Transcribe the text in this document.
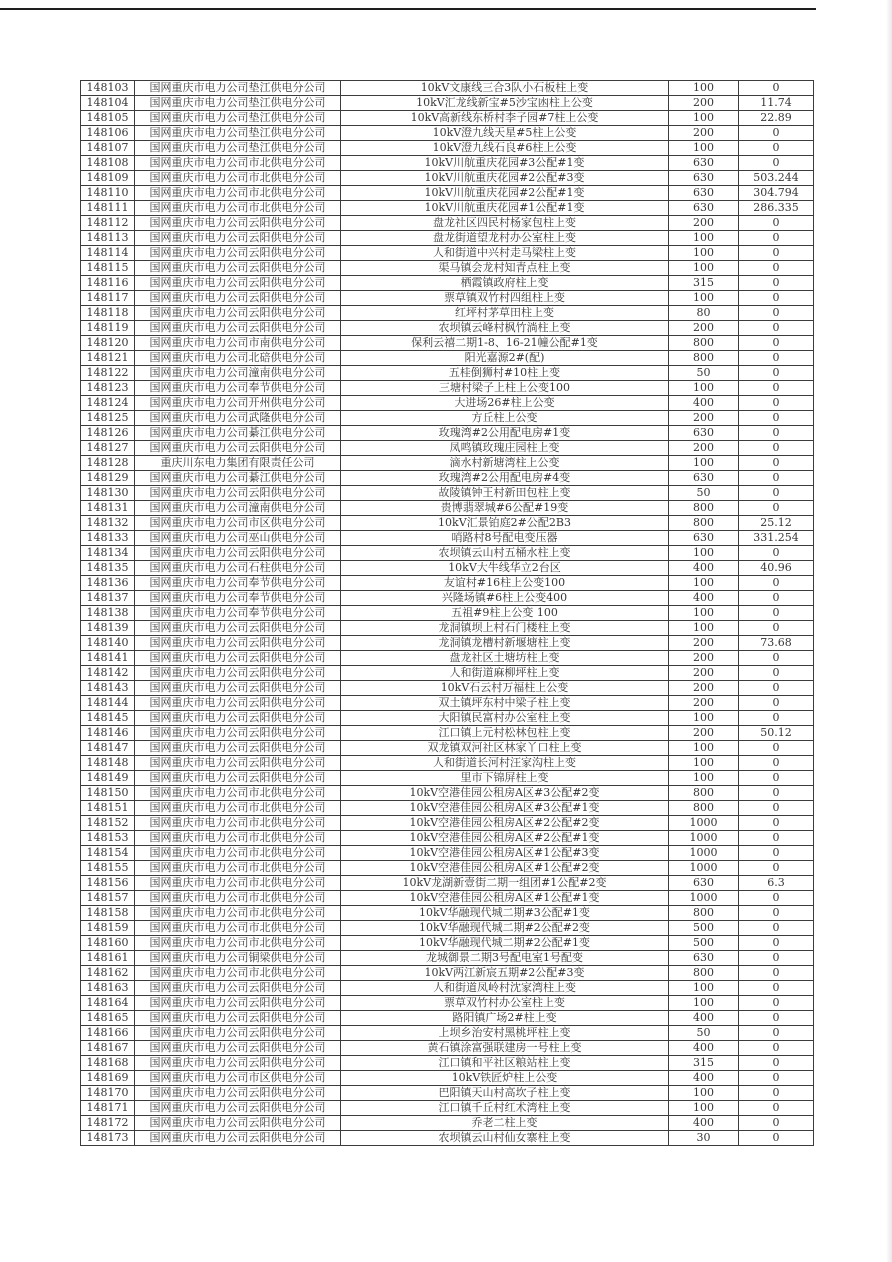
148103	国网重庆市电力公司垫江供电分公司	10kV文康线三合3队小石板柱上变	100	0
148104	国网重庆市电力公司垫江供电分公司	10kV汇龙线新宝#5沙宝凼柱上公变	200	11.74
148105	国网重庆市电力公司垫江供电分公司	10kV高新线东桥村李子园#7柱上公变	100	22.89
148106	国网重庆市电力公司垫江供电分公司	10kV澄九线天星#5柱上公变	200	0
148107	国网重庆市电力公司垫江供电分公司	10kV澄九线石良#6柱上公变	100	0
148108	国网重庆市电力公司市北供电分公司	10kV川航重庆花园#3公配#1变	630	0
148109	国网重庆市电力公司市北供电分公司	10kV川航重庆花园#2公配#3变	630	503.244
148110	国网重庆市电力公司市北供电分公司	10kV川航重庆花园#2公配#1变	630	304.794
148111	国网重庆市电力公司市北供电分公司	10kV川航重庆花园#1公配#1变	630	286.335
148112	国网重庆市电力公司云阳供电分公司	盘龙社区四民村杨家包柱上变	200	0
148113	国网重庆市电力公司云阳供电分公司	盘龙街道望龙村办公室柱上变	100	0
148114	国网重庆市电力公司云阳供电分公司	人和街道中兴村走马梁柱上变	100	0
148115	国网重庆市电力公司云阳供电分公司	渠马镇会龙村知青点柱上变	100	0
148116	国网重庆市电力公司云阳供电分公司	栖霞镇政府柱上变	315	0
148117	国网重庆市电力公司云阳供电分公司	票草镇双竹村四组柱上变	100	0
148118	国网重庆市电力公司云阳供电分公司	红坪村茅草田柱上变	80	0
148119	国网重庆市电力公司云阳供电分公司	农坝镇云峰村枫竹淌柱上变	200	0
148120	国网重庆市电力公司市南供电分公司	保利云禧二期1-8、16-21幢公配#1变	800	0
148121	国网重庆市电力公司北碚供电分公司	阳光嘉源2#(配)	800	0
148122	国网重庆市电力公司潼南供电分公司	五桂倒狮村#10柱上变	50	0
148123	国网重庆市电力公司奉节供电分公司	三塘村梁子上柱上公变100	100	0
148124	国网重庆市电力公司开州供电分公司	大进场26#柱上公变	400	0
148125	国网重庆市电力公司武隆供电分公司	方丘柱上公变	200	0
148126	国网重庆市电力公司綦江供电分公司	玫瑰湾#2公用配电房#1变	630	0
148127	国网重庆市电力公司云阳供电分公司	凤鸣镇玫瑰庄园柱上变	200	0
148128	重庆川东电力集团有限责任公司	滴水村新塘湾柱上公变	100	0
148129	国网重庆市电力公司綦江供电分公司	玫瑰湾#2公用配电房#4变	630	0
148130	国网重庆市电力公司云阳供电分公司	故陵镇钟王村新田包柱上变	50	0
148131	国网重庆市电力公司潼南供电分公司	贵博翡翠城#6公配#19变	800	0
148132	国网重庆市电力公司市区供电分公司	10kV汇景铂庭2#公配2B3	800	25.12
148133	国网重庆市电力公司巫山供电分公司	哨路村8号配电变压器	630	331.254
148134	国网重庆市电力公司云阳供电分公司	农坝镇云山村五桶水柱上变	100	0
148135	国网重庆市电力公司石柱供电分公司	10kV大牛线华立2台区	400	40.96
148136	国网重庆市电力公司奉节供电分公司	友谊村#16柱上公变100	100	0
148137	国网重庆市电力公司奉节供电分公司	兴隆场镇#6柱上公变400	400	0
148138	国网重庆市电力公司奉节供电分公司	五祖#9柱上公变 100	100	0
148139	国网重庆市电力公司云阳供电分公司	龙洞镇坝上村石门楼柱上变	100	0
148140	国网重庆市电力公司云阳供电分公司	龙洞镇龙槽村新堰塘柱上变	200	73.68
148141	国网重庆市电力公司云阳供电分公司	盘龙社区土塘坊柱上变	200	0
148142	国网重庆市电力公司云阳供电分公司	人和街道麻柳坪柱上变	200	0
148143	国网重庆市电力公司云阳供电分公司	10kV石云村万福柱上公变	200	0
148144	国网重庆市电力公司云阳供电分公司	双土镇坪东村中梁子柱上变	200	0
148145	国网重庆市电力公司云阳供电分公司	大阳镇民富村办公室柱上变	100	0
148146	国网重庆市电力公司云阳供电分公司	江口镇上元村松林包柱上变	200	50.12
148147	国网重庆市电力公司云阳供电分公司	双龙镇双河社区林家丫口柱上变	100	0
148148	国网重庆市电力公司云阳供电分公司	人和街道长河村汪家沟柱上变	100	0
148149	国网重庆市电力公司云阳供电分公司	里市下锦屏柱上变	100	0
148150	国网重庆市电力公司市北供电分公司	10kV空港佳园公租房A区#3公配#2变	800	0
148151	国网重庆市电力公司市北供电分公司	10kV空港佳园公租房A区#3公配#1变	800	0
148152	国网重庆市电力公司市北供电分公司	10kV空港佳园公租房A区#2公配#2变	1000	0
148153	国网重庆市电力公司市北供电分公司	10kV空港佳园公租房A区#2公配#1变	1000	0
148154	国网重庆市电力公司市北供电分公司	10kV空港佳园公租房A区#1公配#3变	1000	0
148155	国网重庆市电力公司市北供电分公司	10kV空港佳园公租房A区#1公配#2变	1000	0
148156	国网重庆市电力公司市北供电分公司	10kV龙湖新壹街二期一组团#1公配#2变	630	6.3
148157	国网重庆市电力公司市北供电分公司	10kV空港佳园公租房A区#1公配#1变	1000	0
148158	国网重庆市电力公司市北供电分公司	10kV华融现代城二期#3公配#1变	800	0
148159	国网重庆市电力公司市北供电分公司	10kV华融现代城二期#2公配#2变	500	0
148160	国网重庆市电力公司市北供电分公司	10kV华融现代城二期#2公配#1变	500	0
148161	国网重庆市电力公司铜梁供电分公司	龙城御景二期3号配电室1号配变	630	0
148162	国网重庆市电力公司市北供电分公司	10kV两江新宸五期#2公配#3变	800	0
148163	国网重庆市电力公司云阳供电分公司	人和街道凤岭村沈家湾柱上变	100	0
148164	国网重庆市电力公司云阳供电分公司	票草双竹村办公室柱上变	100	0
148165	国网重庆市电力公司云阳供电分公司	路阳镇广场2#柱上变	400	0
148166	国网重庆市电力公司云阳供电分公司	上坝乡治安村黑桃坪柱上变	50	0
148167	国网重庆市电力公司云阳供电分公司	黄石镇涂富强联建房一号柱上变	400	0
148168	国网重庆市电力公司云阳供电分公司	江口镇和平社区粮站柱上变	315	0
148169	国网重庆市电力公司市区供电分公司	10kV铁匠炉柱上公变	400	0
148170	国网重庆市电力公司云阳供电分公司	巴阳镇天山村高坎子柱上变	100	0
148171	国网重庆市电力公司云阳供电分公司	江口镇千丘村红术湾柱上变	100	0
148172	国网重庆市电力公司云阳供电分公司	乔老二柱上变	400	0
148173	国网重庆市电力公司云阳供电分公司	农坝镇云山村仙女寨柱上变	30	0
